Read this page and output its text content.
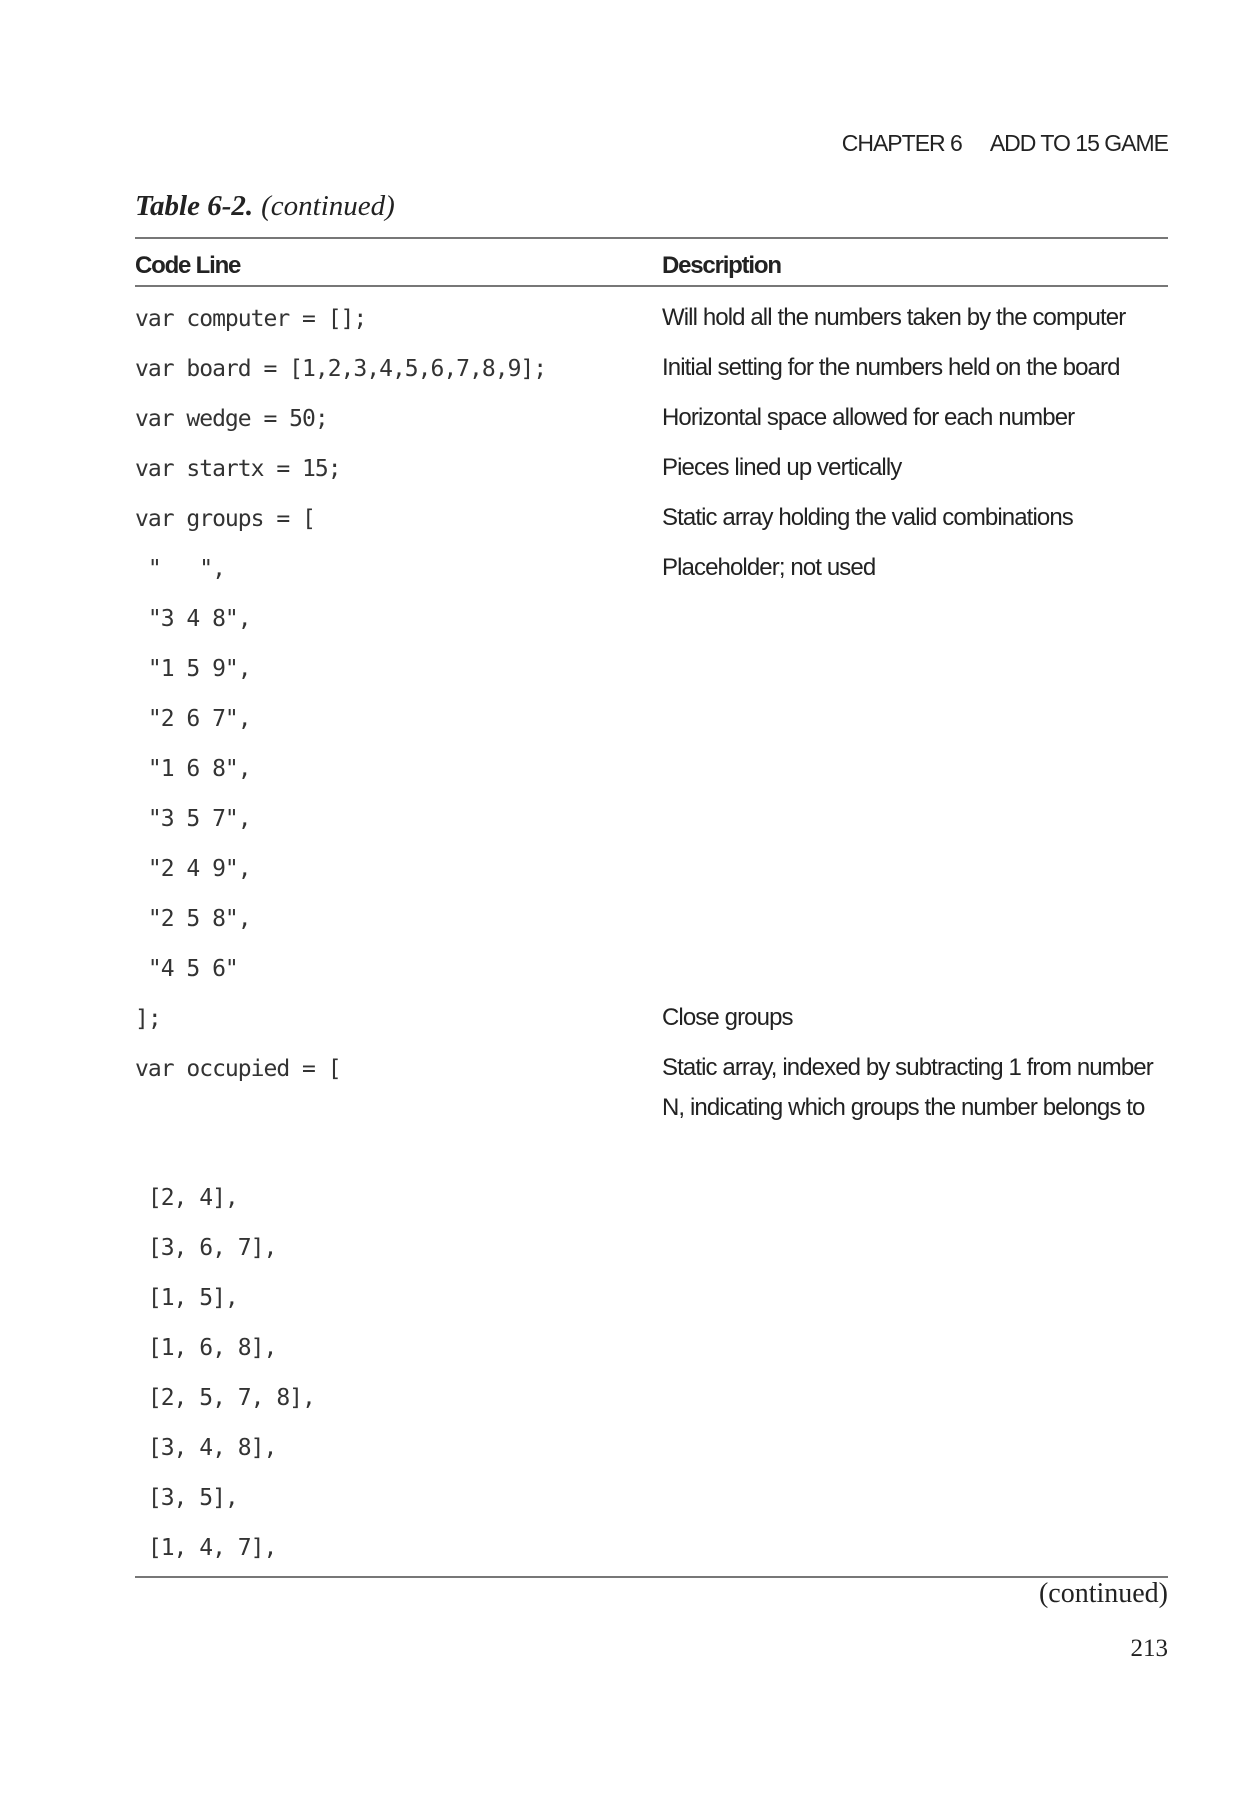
CHAPTER 6 ADD TO 15 GAME
Table 6-2. (continued)
Code Line	Description
var computer = [];	Will hold all the numbers taken by the computer
var board = [1,2,3,4,5,6,7,8,9];	Initial setting for the numbers held on the board
var wedge = 50;	Horizontal space allowed for each number
var startx = 15;	Pieces lined up vertically
var groups = [	Static array holding the valid combinations
"   ",	Placeholder; not used
"3 4 8",
"1 5 9",
"2 6 7",
"1 6 8",
"3 5 7",
"2 4 9",
"2 5 8",
"4 5 6"
];	Close groups
var occupied = [	Static array, indexed by subtracting 1 from number N, indicating which groups the number belongs to
[2, 4],
[3, 6, 7],
[1, 5],
[1, 6, 8],
[2, 5, 7, 8],
[3, 4, 8],
[3, 5],
[1, 4, 7],
(continued)
213
